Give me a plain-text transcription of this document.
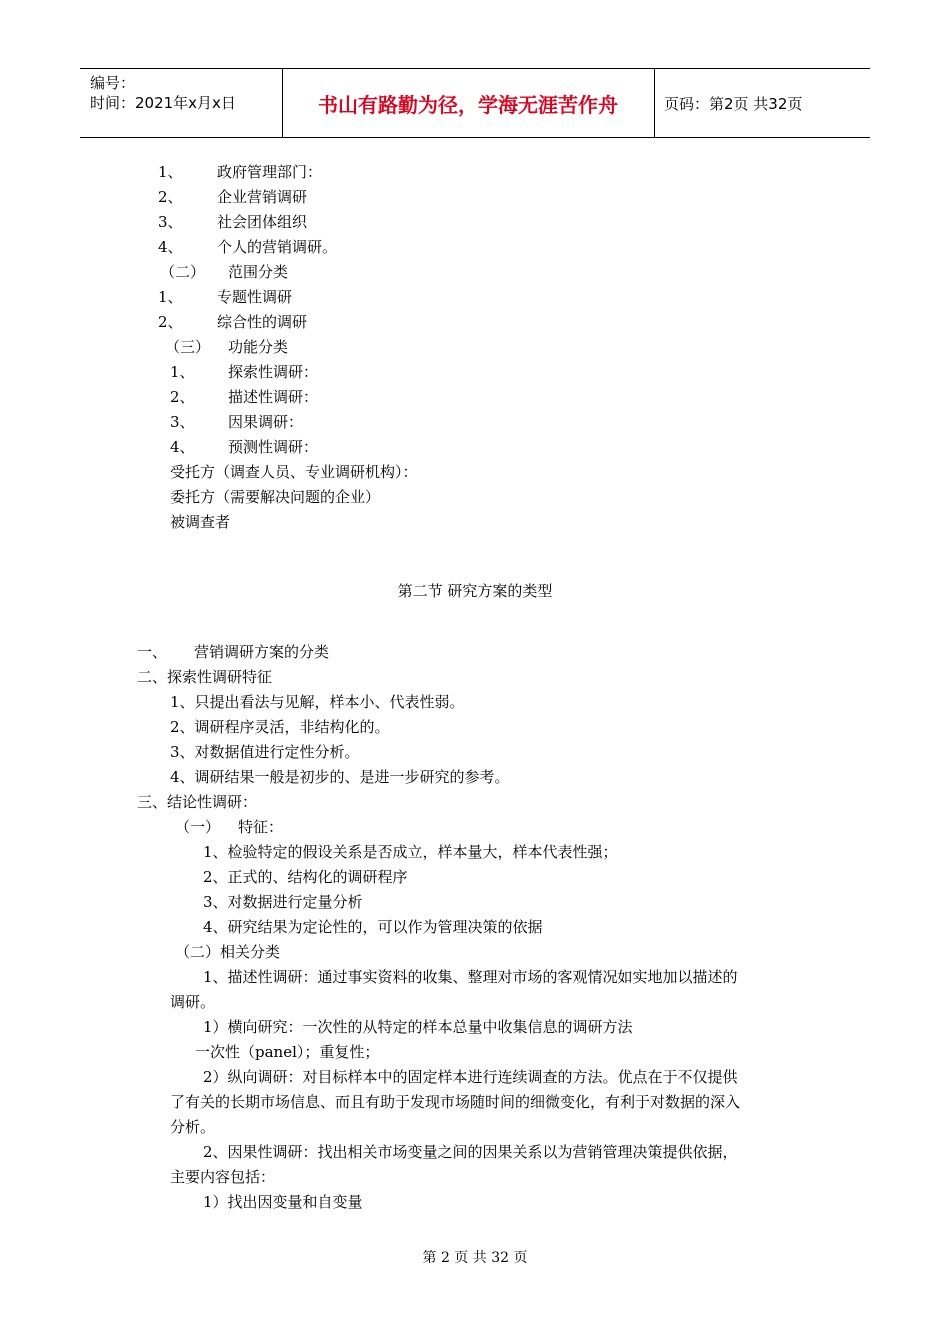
编号：
时间：2021年x月x日	书山有路勤为径，学海无涯苦作舟	页码：第2页 共32页
1、 政府管理部门：
2、 企业营销调研
3、 社会团体组织
4、 个人的营销调研。
（二） 范围分类
1、 专题性调研
2、 综合性的调研
（三） 功能分类
1、 探索性调研：
2、 描述性调研：
3、 因果调研：
4、 预测性调研：
受托方（调查人员、专业调研机构）：
委托方（需要解决问题的企业）
被调查者
第二节 研究方案的类型
一、 营销调研方案的分类
二、探索性调研特征
1、只提出看法与见解，样本小、代表性弱。
2、调研程序灵活，非结构化的。
3、对数据值进行定性分析。
4、调研结果一般是初步的、是进一步研究的参考。
三、结论性调研：
（一） 特征：
1、检验特定的假设关系是否成立，样本量大，样本代表性强；
2、正式的、结构化的调研程序
3、对数据进行定量分析
4、研究结果为定论性的，可以作为管理决策的依据
（二）相关分类
1、描述性调研：通过事实资料的收集、整理对市场的客观情况如实地加以描述的
调研。
1）横向研究：一次性的从特定的样本总量中收集信息的调研方法
一次性（panel）；重复性；
2）纵向调研：对目标样本中的固定样本进行连续调查的方法。优点在于不仅提供
了有关的长期市场信息、而且有助于发现市场随时间的细微变化，有利于对数据的深入
分析。
2、因果性调研：找出相关市场变量之间的因果关系以为营销管理决策提供依据，
主要内容包括：
1）找出因变量和自变量
第 2 页 共 32 页
